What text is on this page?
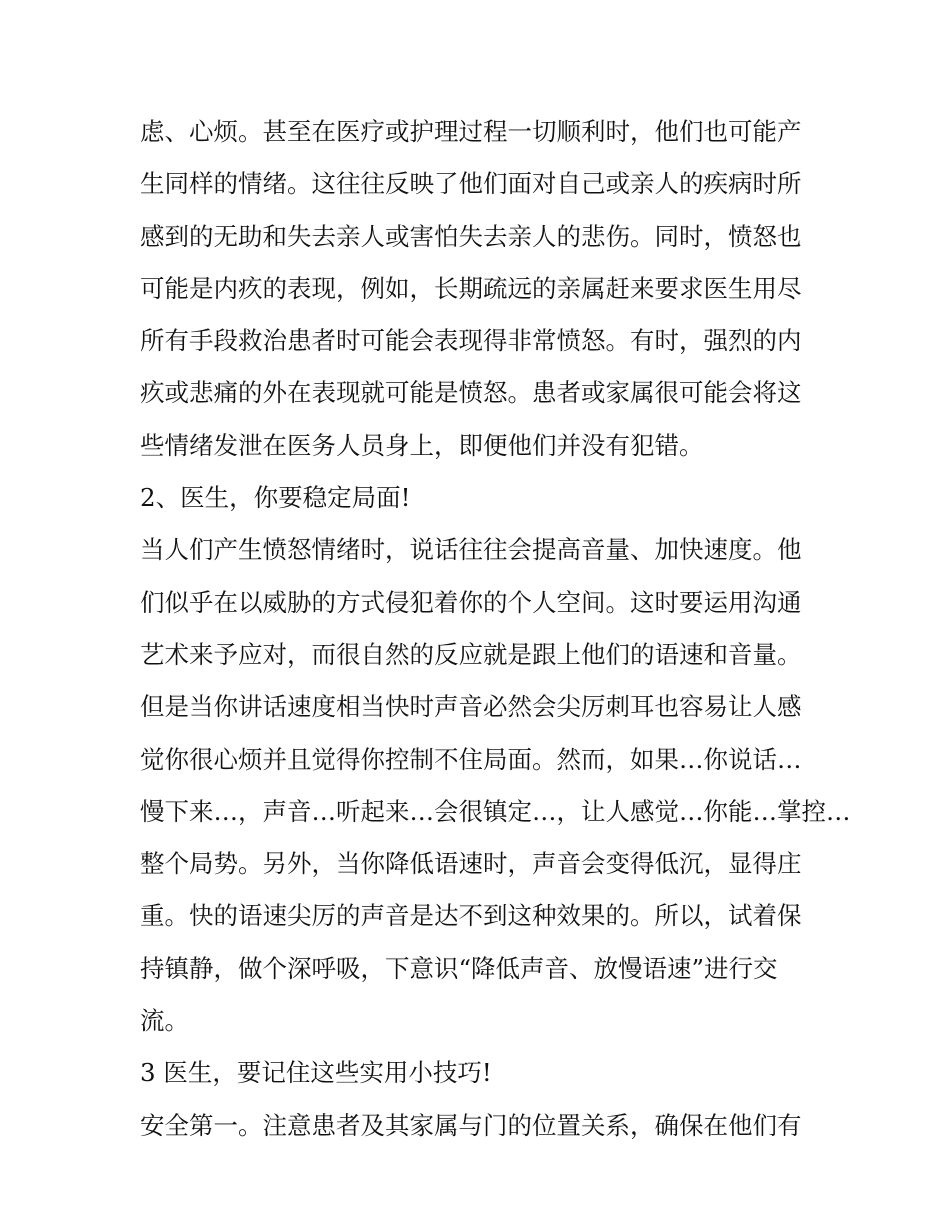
虑、心烦。甚至在医疗或护理过程一切顺利时，他们也可能产
生同样的情绪。这往往反映了他们面对自己或亲人的疾病时所
感到的无助和失去亲人或害怕失去亲人的悲伤。同时，愤怒也
可能是内疚的表现，例如，长期疏远的亲属赶来要求医生用尽
所有手段救治患者时可能会表现得非常愤怒。有时，强烈的内
疚或悲痛的外在表现就可能是愤怒。患者或家属很可能会将这
些情绪发泄在医务人员身上，即便他们并没有犯错。
2、医生，你要稳定局面!
当人们产生愤怒情绪时，说话往往会提高音量、加快速度。他
们似乎在以威胁的方式侵犯着你的个人空间。这时要运用沟通
艺术来予应对，而很自然的反应就是跟上他们的语速和音量。
但是当你讲话速度相当快时声音必然会尖厉刺耳也容易让人感
觉你很心烦并且觉得你控制不住局面。然而，如果…你说话…
慢下来…，声音…听起来…会很镇定…，让人感觉…你能…掌控…
整个局势。另外，当你降低语速时，声音会变得低沉，显得庄
重。快的语速尖厉的声音是达不到这种效果的。所以，试着保
持镇静，做个深呼吸，下意识“降低声音、放慢语速”进行交
流。
3 医生，要记住这些实用小技巧!
安全第一。注意患者及其家属与门的位置关系，确保在他们有
